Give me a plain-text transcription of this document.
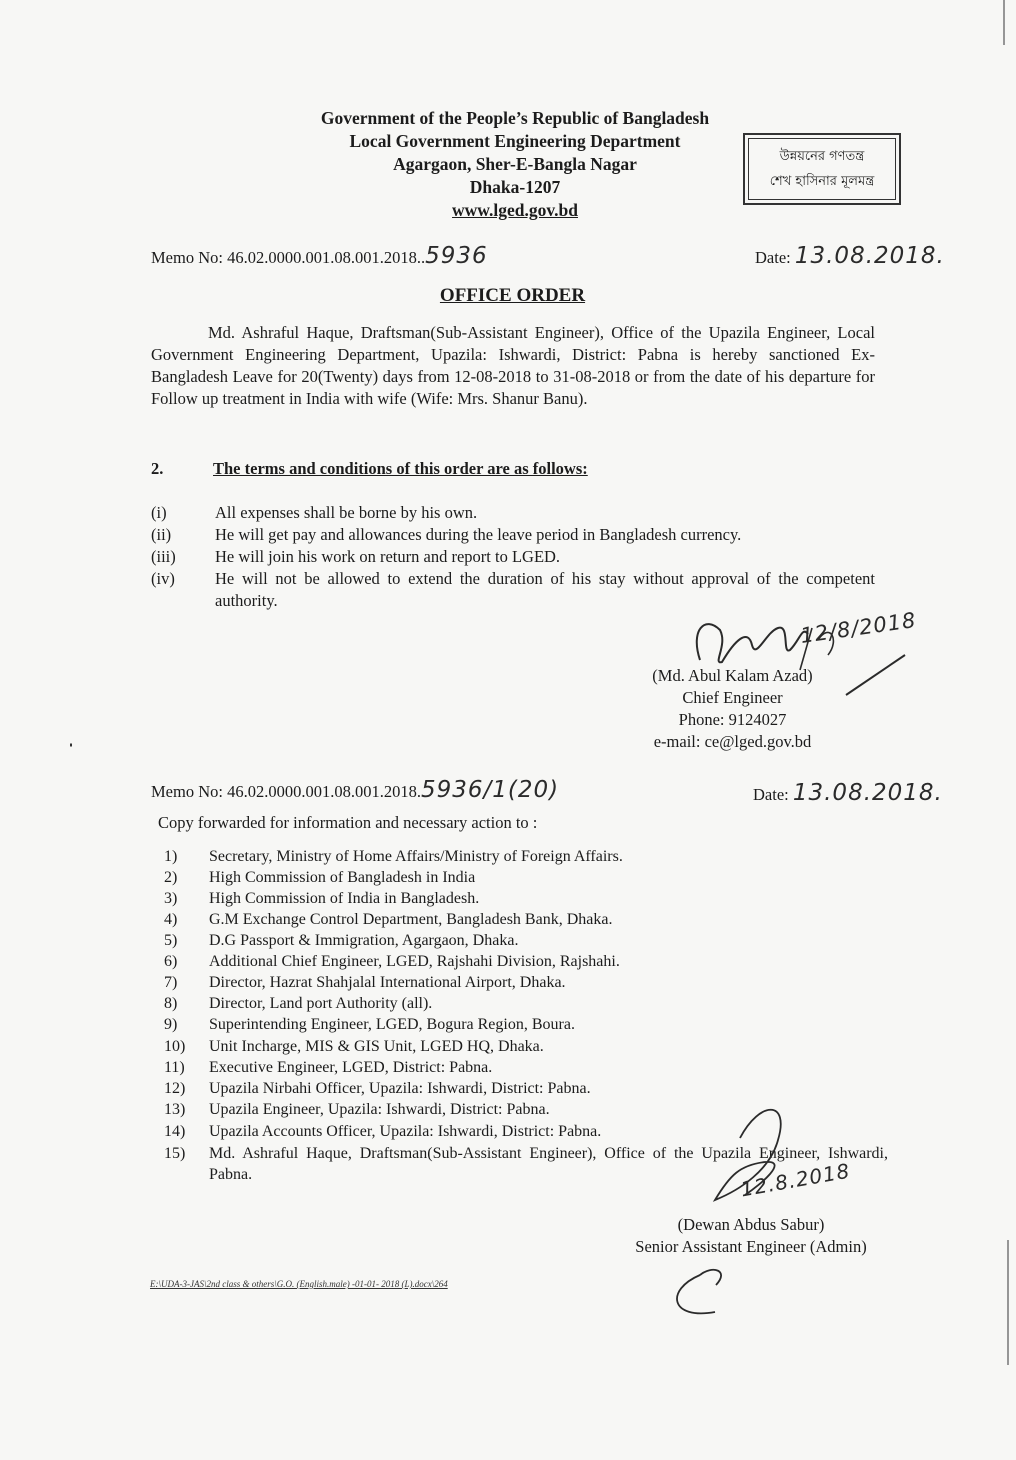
Government of the People’s Republic of Bangladesh
Local Government Engineering Department
Agargaon, Sher-E-Bangla Nagar
Dhaka-1207
www.lged.gov.bd
উন্নয়নের গণতন্ত্র
শেখ হাসিনার মূলমন্ত্র
Memo No: 46.02.0000.001.08.001.2018..5936	Date: 13.08.2018.
OFFICE ORDER
Md. Ashraful Haque, Draftsman(Sub-Assistant Engineer), Office of the Upazila Engineer, Local Government Engineering Department, Upazila: Ishwardi, District: Pabna is hereby sanctioned Ex-Bangladesh Leave for 20(Twenty) days from 12-08-2018 to 31-08-2018 or from the date of his departure for Follow up treatment in India with wife (Wife: Mrs. Shanur Banu).
2.	The terms and conditions of this order are as follows:
(i)	All expenses shall be borne by his own.
(ii)	He will get pay and allowances during the leave period in Bangladesh currency.
(iii) He will join his work on return and report to LGED.
(iv) He will not be allowed to extend the duration of his stay without approval of the competent authority.
12/8/2018
(Md. Abul Kalam Azad)
Chief Engineer
Phone: 9124027
e-mail: ce@lged.gov.bd
Memo No: 46.02.0000.001.08.001.2018.5936/1(20)	Date: 13.08.2018.
Copy forwarded for information and necessary action to :
1)	Secretary, Ministry of Home Affairs/Ministry of Foreign Affairs.
2)	High Commission of Bangladesh in India
3)	High Commission of India in Bangladesh.
4)	G.M Exchange Control Department, Bangladesh Bank, Dhaka.
5)	D.G Passport & Immigration, Agargaon, Dhaka.
6)	Additional Chief Engineer, LGED, Rajshahi Division, Rajshahi.
7)	Director, Hazrat Shahjalal International Airport, Dhaka.
8)	Director, Land port Authority (all).
9)	Superintending Engineer, LGED, Bogura Region, Boura.
10)	Unit Incharge, MIS & GIS Unit, LGED HQ, Dhaka.
11)	Executive Engineer, LGED, District: Pabna.
12)	Upazila Nirbahi Officer, Upazila: Ishwardi, District: Pabna.
13)	Upazila Engineer, Upazila: Ishwardi, District: Pabna.
14)	Upazila Accounts Officer, Upazila: Ishwardi, District: Pabna.
15)	Md. Ashraful Haque, Draftsman(Sub-Assistant Engineer), Office of the Upazila Engineer, Ishwardi, Pabna.	12.8.2018
(Dewan Abdus Sabur)
Senior Assistant Engineer (Admin)
E:\UDA-3-JAS\2nd class & others\G.O. (English.male) -01-01- 2018 (L).docx\264
